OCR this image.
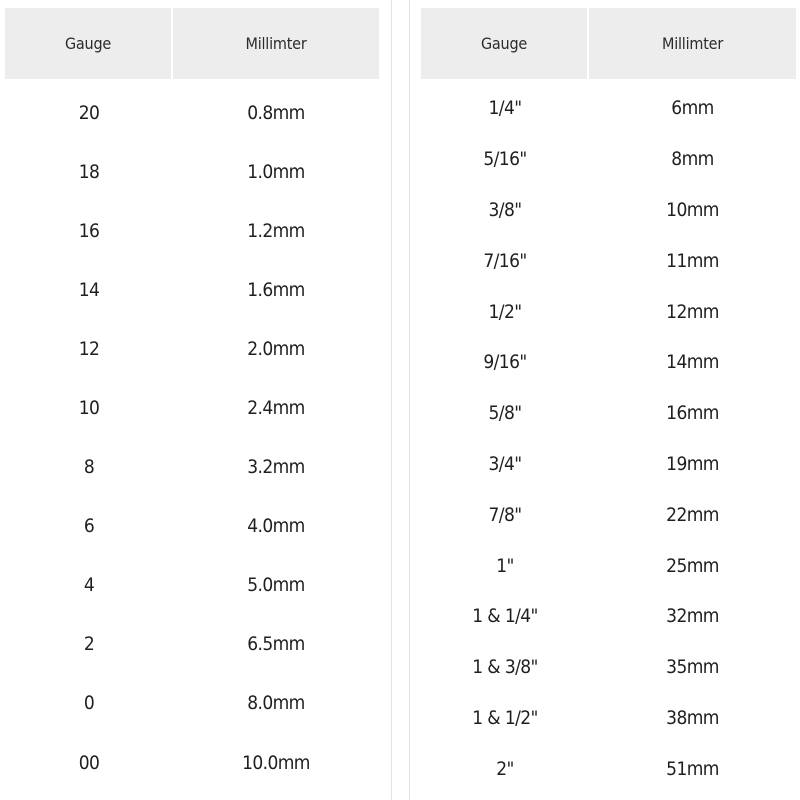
Gauge	Millimter
20	0.8mm
18	1.0mm
16	1.2mm
14	1.6mm
12	2.0mm
10	2.4mm
8	3.2mm
6	4.0mm
4	5.0mm
2	6.5mm
0	8.0mm
00	10.0mm
Gauge	Millimter
1/4"	6mm
5/16"	8mm
3/8"	10mm
7/16"	11mm
1/2"	12mm
9/16"	14mm
5/8"	16mm
3/4"	19mm
7/8"	22mm
1"	25mm
1 & 1/4"	32mm
1 & 3/8"	35mm
1 & 1/2"	38mm
2"	51mm
